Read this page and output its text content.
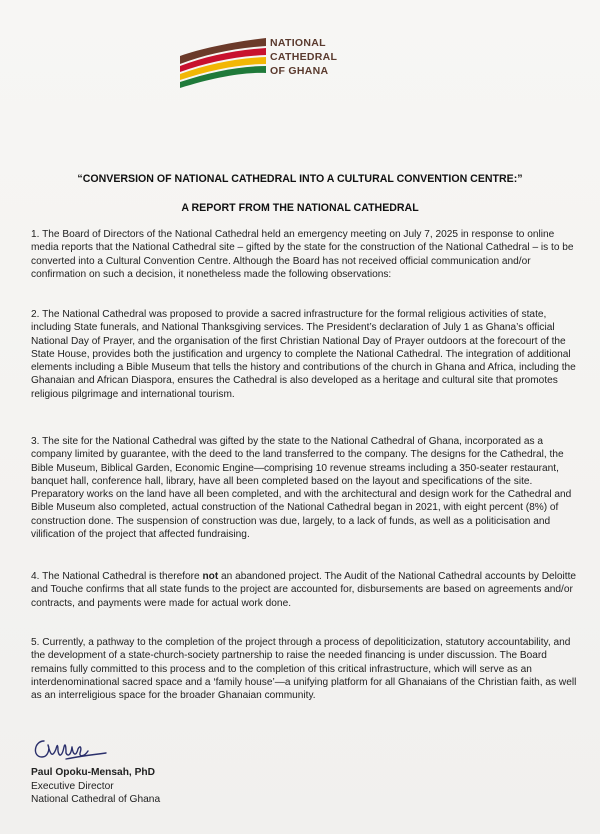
NATIONAL
CATHEDRAL
OF GHANA
“CONVERSION OF NATIONAL CATHEDRAL INTO A CULTURAL CONVENTION CENTRE:”
A REPORT FROM THE NATIONAL CATHEDRAL

1. The Board of Directors of the National Cathedral held an emergency meeting on July 7, 2025 in response to online media reports that the National Cathedral site – gifted by the state for the construction of the National Cathedral – is to be converted into a Cultural Convention Centre. Although the Board has not received official communication and/or confirmation on such a decision, it nonetheless made the following observations:

2. The National Cathedral was proposed to provide a sacred infrastructure for the formal religious activities of state, including State funerals, and National Thanksgiving services. The President’s declaration of July 1 as Ghana’s official National Day of Prayer, and the organisation of the first Christian National Day of Prayer outdoors at the forecourt of the State House, provides both the justification and urgency to complete the National Cathedral. The integration of additional elements including a Bible Museum that tells the history and contributions of the church in Ghana and Africa, including the Ghanaian and African Diaspora, ensures the Cathedral is also developed as a heritage and cultural site that promotes religious pilgrimage and international tourism.

3. The site for the National Cathedral was gifted by the state to the National Cathedral of Ghana, incorporated as a company limited by guarantee, with the deed to the land transferred to the company. The designs for the Cathedral, the Bible Museum, Biblical Garden, Economic Engine—comprising 10 revenue streams including a 350-seater restaurant, banquet hall, conference hall, library, have all been completed based on the layout and specifications of the site. Preparatory works on the land have all been completed, and with the architectural and design work for the Cathedral and Bible Museum also completed, actual construction of the National Cathedral began in 2021, with eight percent (8%) of construction done. The suspension of construction was due, largely, to a lack of funds, as well as a politicisation and vilification of the project that affected fundraising.

4. The National Cathedral is therefore not an abandoned project. The Audit of the National Cathedral accounts by Deloitte and Touche confirms that all state funds to the project are accounted for, disbursements are based on agreements and/or contracts, and payments were made for actual work done.

5. Currently, a pathway to the completion of the project through a process of depoliticization, statutory accountability, and the development of a state-church-society partnership to raise the needed financing is under discussion. The Board remains fully committed to this process and to the completion of this critical infrastructure, which will serve as an interdenominational sacred space and a ‘family house’—a unifying platform for all Ghanaians of the Christian faith, as well as an interreligious space for the broader Ghanaian community.

Paul Opoku-Mensah, PhD
Executive Director
National Cathedral of Ghana
